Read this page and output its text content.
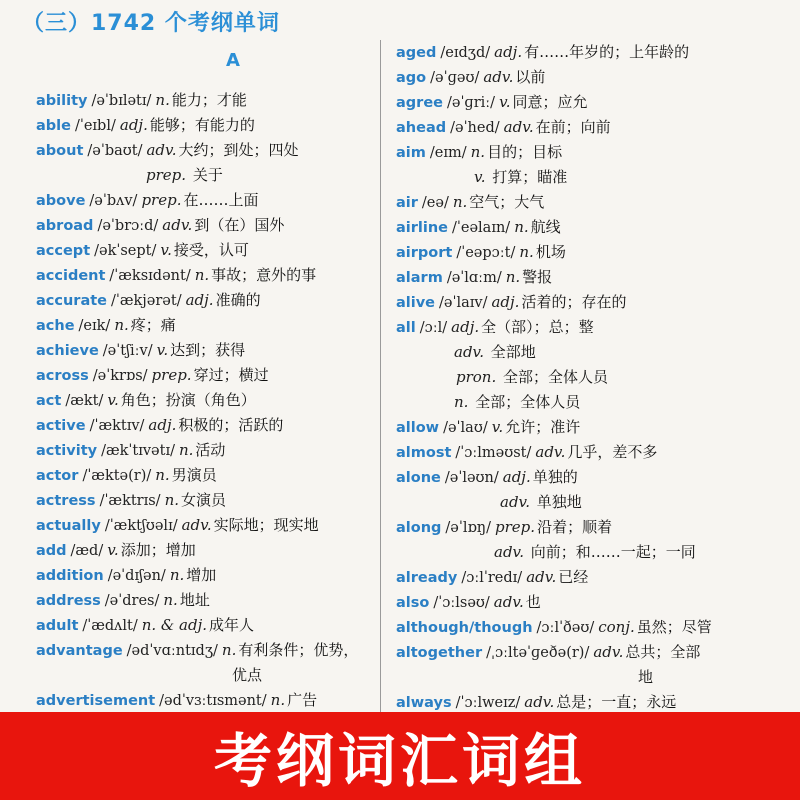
（三）1742 个考纲单词
A
ability /əˈbɪlətɪ/ n. 能力；才能
able /ˈeɪbl/ adj. 能够；有能力的
about /əˈbaʊt/ adv. 大约；到处；四处
above /əˈbʌv/ prep. 在……上面
abroad /əˈbrɔːd/ adv. 到（在）国外
accept /əkˈsept/ v. 接受，认可
accident /ˈæksɪdənt/ n. 事故；意外的事
accurate /ˈækjərət/ adj. 准确的
ache /eɪk/ n. 疼；痛
achieve /əˈtʃiːv/ v. 达到；获得
across /əˈkrɒs/ prep. 穿过；横过
act /ækt/ v. 角色；扮演（角色）
active /ˈæktɪv/ adj. 积极的；活跃的
activity /ækˈtɪvətɪ/ n. 活动
actor /ˈæktə(r)/ n. 男演员
actress /ˈæktrɪs/ n. 女演员
actually /ˈæktʃʊəlɪ/ adv. 实际地；现实地
add /æd/ v. 添加；增加
addition /əˈdɪʃən/ n. 增加
address /əˈdres/ n. 地址
adult /ˈædʌlt/ n. & adj. 成年人
advantage /ədˈvɑːntɪdʒ/ n. 有利条件；优势，
advertisement /ədˈvɜːtɪsmənt/ n. 广告
prep. 关于
优点
aged /eɪdʒd/ adj. 有……年岁的；上年龄的
ago /əˈɡəʊ/ adv. 以前
agree /əˈɡriː/ v. 同意；应允
ahead /əˈhed/ adv. 在前；向前
aim /eɪm/ n. 目的；目标
air /eə/ n. 空气；大气
airline /ˈeəlaɪn/ n. 航线
airport /ˈeəpɔːt/ n. 机场
alarm /əˈlɑːm/ n. 警报
alive /əˈlaɪv/ adj. 活着的；存在的
all /ɔːl/ adj. 全（部）；总；整
allow /əˈlaʊ/ v. 允许；准许
almost /ˈɔːlməʊst/ adv. 几乎，差不多
alone /əˈləʊn/ adj. 单独的
along /əˈlɒŋ/ prep. 沿着；顺着
already /ɔːlˈredɪ/ adv. 已经
also /ˈɔːlsəʊ/ adv. 也
although/though /ɔːlˈðəʊ/ conj. 虽然；尽管
altogether /ˌɔːltəˈɡeðə(r)/ adv. 总共；全部
always /ˈɔːlweɪz/ adv. 总是；一直；永远
v. 打算；瞄准
adv. 全部地
pron. 全部；全体人员
n. 全部；全体人员
adv. 单独地
adv. 向前；和……一起；一同
地
考纲词汇词组
